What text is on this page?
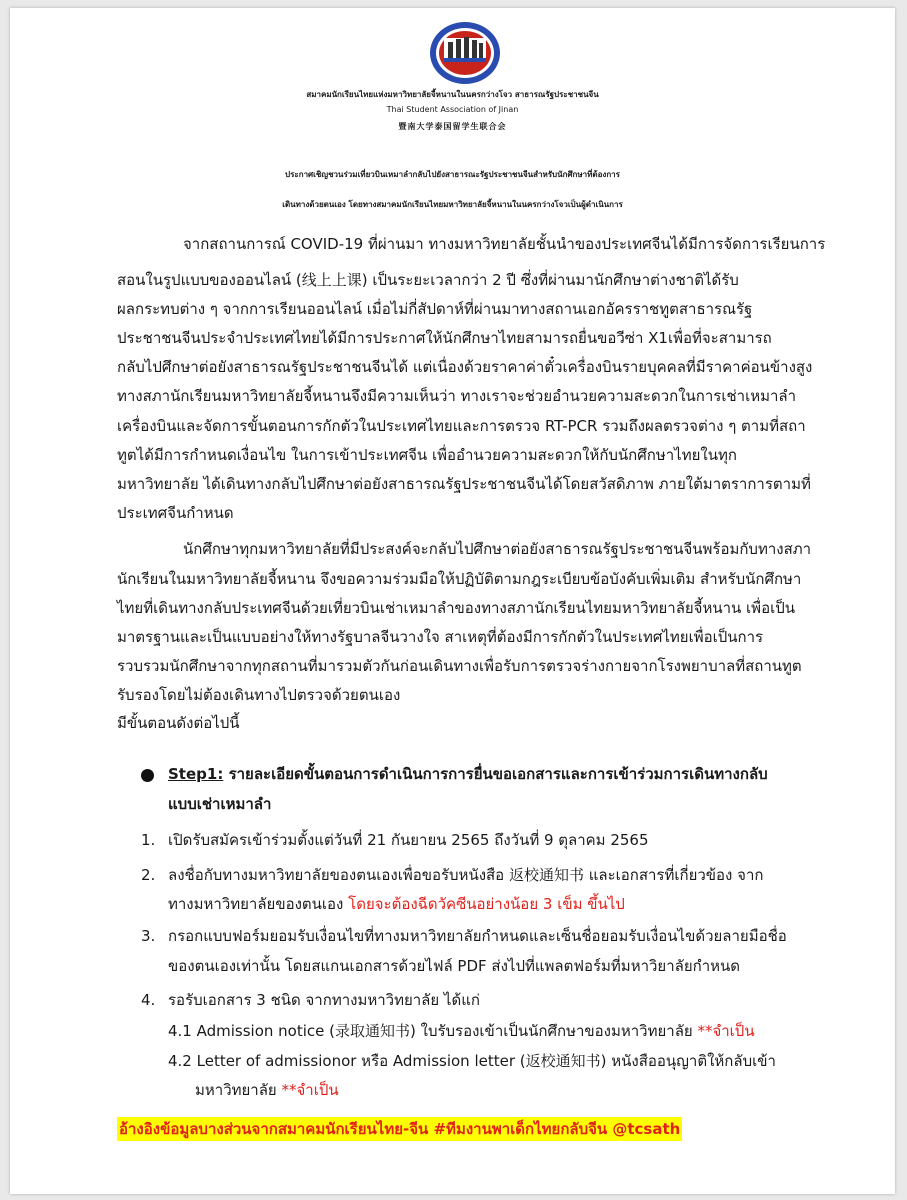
สมาคมนักเรียนไทยแห่งมหาวิทยาลัยจี้หนานในนครกว่างโจว สาธารณรัฐประชาชนจีน
Thai Student Association of Jinan
暨南大学泰国留学生联合会
ประกาศเชิญชวนร่วมเที่ยวบินเหมาลำกลับไปยังสาธารณะรัฐประชาชนจีนสำหรับนักศึกษาที่ต้องการ
เดินทางด้วยตนเอง โดยทางสมาคมนักเรียนไทยมหาวิทยาลัยจี้หนานในนครกว่างโจวเป็นผู้ดำเนินการ
จากสถานการณ์ COVID-19 ที่ผ่านมา ทางมหาวิทยาลัยชั้นนำของประเทศจีนได้มีการจัดการเรียนการ
สอนในรูปแบบของออนไลน์ (线上上课) เป็นระยะเวลากว่า 2 ปี ซึ่งที่ผ่านมานักศึกษาต่างชาติได้รับ
ผลกระทบต่าง ๆ จากการเรียนออนไลน์ เมื่อไม่กี่สัปดาห์ที่ผ่านมาทางสถานเอกอัครราชทูตสาธารณรัฐ
ประชาชนจีนประจำประเทศไทยได้มีการประกาศให้นักศึกษาไทยสามารถยื่นขอวีซ่า X1เพื่อที่จะสามารถ
กลับไปศึกษาต่อยังสาธารณรัฐประชาชนจีนได้ แต่เนื่องด้วยราคาค่าตั๋วเครื่องบินรายบุคคลที่มีราคาค่อนข้างสูง
ทางสภานักเรียนมหาวิทยาลัยจี้หนานจึงมีความเห็นว่า ทางเราจะช่วยอำนวยความสะดวกในการเช่าเหมาลำ
เครื่องบินและจัดการขั้นตอนการกักตัวในประเทศไทยและการตรวจ RT-PCR รวมถึงผลตรวจต่าง ๆ ตามที่สถา
ทูตได้มีการกำหนดเงื่อนไข ในการเข้าประเทศจีน เพื่ออำนวยความสะดวกให้กับนักศึกษาไทยในทุก
มหาวิทยาลัย ได้เดินทางกลับไปศึกษาต่อยังสาธารณรัฐประชาชนจีนได้โดยสวัสดิภาพ ภายใต้มาตราการตามที่
ประเทศจีนกำหนด
นักศึกษาทุกมหาวิทยาลัยที่มีประสงค์จะกลับไปศึกษาต่อยังสาธารณรัฐประชาชนจีนพร้อมกับทางสภา
นักเรียนในมหาวิทยาลัยจี้หนาน จึงขอความร่วมมือให้ปฏิบัติตามกฎระเบียบข้อบังคับเพิ่มเติม สำหรับนักศึกษา
ไทยที่เดินทางกลับประเทศจีนด้วยเที่ยวบินเช่าเหมาลำของทางสภานักเรียนไทยมหาวิทยาลัยจี้หนาน เพื่อเป็น
มาตรฐานและเป็นแบบอย่างให้ทางรัฐบาลจีนวางใจ สาเหตุที่ต้องมีการกักตัวในประเทศไทยเพื่อเป็นการ
รวบรวมนักศึกษาจากทุกสถานที่มารวมตัวกันก่อนเดินทางเพื่อรับการตรวจร่างกายจากโรงพยาบาลที่สถานทูต
รับรองโดยไม่ต้องเดินทางไปตรวจด้วยตนเอง
มีขั้นตอนดังต่อไปนี้
Step1: รายละเอียดขั้นตอนการดำเนินการการยื่นขอเอกสารและการเข้าร่วมการเดินทางกลับ
แบบเช่าเหมาลำ
1. เปิดรับสมัครเข้าร่วมตั้งแต่วันที่ 21 กันยายน 2565 ถึงวันที่ 9 ตุลาคม 2565
2. ลงชื่อกับทางมหาวิทยาลัยของตนเองเพื่อขอรับหนังสือ 返校通知书 และเอกสารที่เกี่ยวข้อง จาก
ทางมหาวิทยาลัยของตนเอง โดยจะต้องฉีดวัคซีนอย่างน้อย 3 เข็ม ขึ้นไป
3. กรอกแบบฟอร์มยอมรับเงื่อนไขที่ทางมหาวิทยาลัยกำหนดและเซ็นชื่อยอมรับเงื่อนไขด้วยลายมือชื่อ
ของตนเองเท่านั้น โดยสแกนเอกสารด้วยไฟล์ PDF ส่งไปที่แพลตฟอร์มที่มหาวิยาลัยกำหนด
4. รอรับเอกสาร 3 ชนิด จากทางมหาวิทยาลัย ได้แก่
4.1 Admission notice (录取通知书) ใบรับรองเข้าเป็นนักศึกษาของมหาวิทยาลัย **จำเป็น
4.2 Letter of admissionor หรือ Admission letter (返校通知书) หนังสืออนุญาติให้กลับเข้า
มหาวิทยาลัย **จำเป็น
อ้างอิงข้อมูลบางส่วนจากสมาคมนักเรียนไทย-จีน #ทีมงานพาเด็กไทยกลับจีน @tcsath
